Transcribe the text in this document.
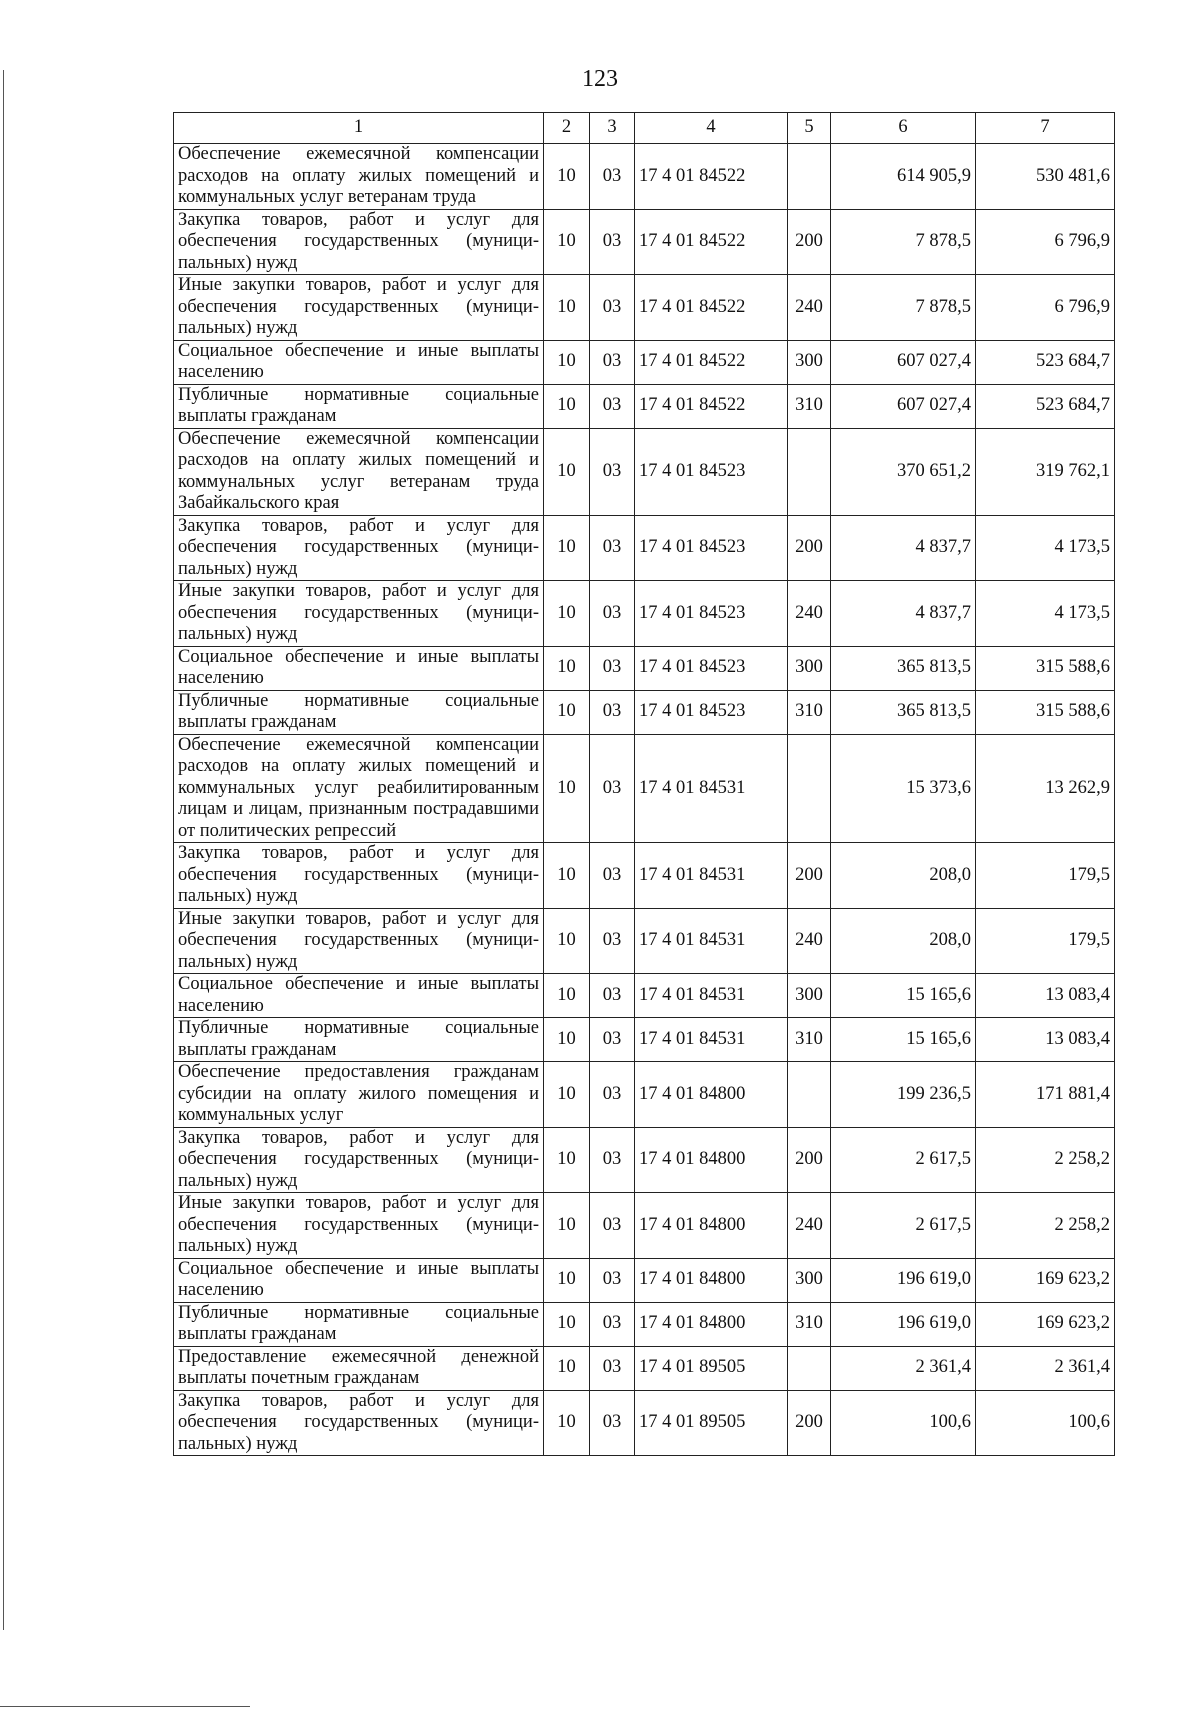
123
1	2	3	4	5	6	7
Обеспечение ежемесячной компенсации расходов на оплату жилых помещений и коммунальных услуг ветеранам труда	10	03	17 4 01 84522		614 905,9	530 481,6
Закупка товаров, работ и услуг для обеспечения государственных (муниципальных) нужд	10	03	17 4 01 84522	200	7 878,5	6 796,9
Иные закупки товаров, работ и услуг для обеспечения государственных (муниципальных) нужд	10	03	17 4 01 84522	240	7 878,5	6 796,9
Социальное обеспечение и иные выплаты населению	10	03	17 4 01 84522	300	607 027,4	523 684,7
Публичные нормативные социальные выплаты гражданам	10	03	17 4 01 84522	310	607 027,4	523 684,7
Обеспечение ежемесячной компенсации расходов на оплату жилых помещений и коммунальных услуг ветеранам труда Забайкальского края	10	03	17 4 01 84523		370 651,2	319 762,1
Закупка товаров, работ и услуг для обеспечения государственных (муниципальных) нужд	10	03	17 4 01 84523	200	4 837,7	4 173,5
Иные закупки товаров, работ и услуг для обеспечения государственных (муниципальных) нужд	10	03	17 4 01 84523	240	4 837,7	4 173,5
Социальное обеспечение и иные выплаты населению	10	03	17 4 01 84523	300	365 813,5	315 588,6
Публичные нормативные социальные выплаты гражданам	10	03	17 4 01 84523	310	365 813,5	315 588,6
Обеспечение ежемесячной компенсации расходов на оплату жилых помещений и коммунальных услуг реабилитированным лицам и лицам, признанным пострадавшими от политических репрессий	10	03	17 4 01 84531		15 373,6	13 262,9
Закупка товаров, работ и услуг для обеспечения государственных (муниципальных) нужд	10	03	17 4 01 84531	200	208,0	179,5
Иные закупки товаров, работ и услуг для обеспечения государственных (муниципальных) нужд	10	03	17 4 01 84531	240	208,0	179,5
Социальное обеспечение и иные выплаты населению	10	03	17 4 01 84531	300	15 165,6	13 083,4
Публичные нормативные социальные выплаты гражданам	10	03	17 4 01 84531	310	15 165,6	13 083,4
Обеспечение предоставления гражданам субсидии на оплату жилого помещения и коммунальных услуг	10	03	17 4 01 84800		199 236,5	171 881,4
Закупка товаров, работ и услуг для обеспечения государственных (муниципальных) нужд	10	03	17 4 01 84800	200	2 617,5	2 258,2
Иные закупки товаров, работ и услуг для обеспечения государственных (муниципальных) нужд	10	03	17 4 01 84800	240	2 617,5	2 258,2
Социальное обеспечение и иные выплаты населению	10	03	17 4 01 84800	300	196 619,0	169 623,2
Публичные нормативные социальные выплаты гражданам	10	03	17 4 01 84800	310	196 619,0	169 623,2
Предоставление ежемесячной денежной выплаты почетным гражданам	10	03	17 4 01 89505		2 361,4	2 361,4
Закупка товаров, работ и услуг для обеспечения государственных (муниципальных) нужд	10	03	17 4 01 89505	200	100,6	100,6
